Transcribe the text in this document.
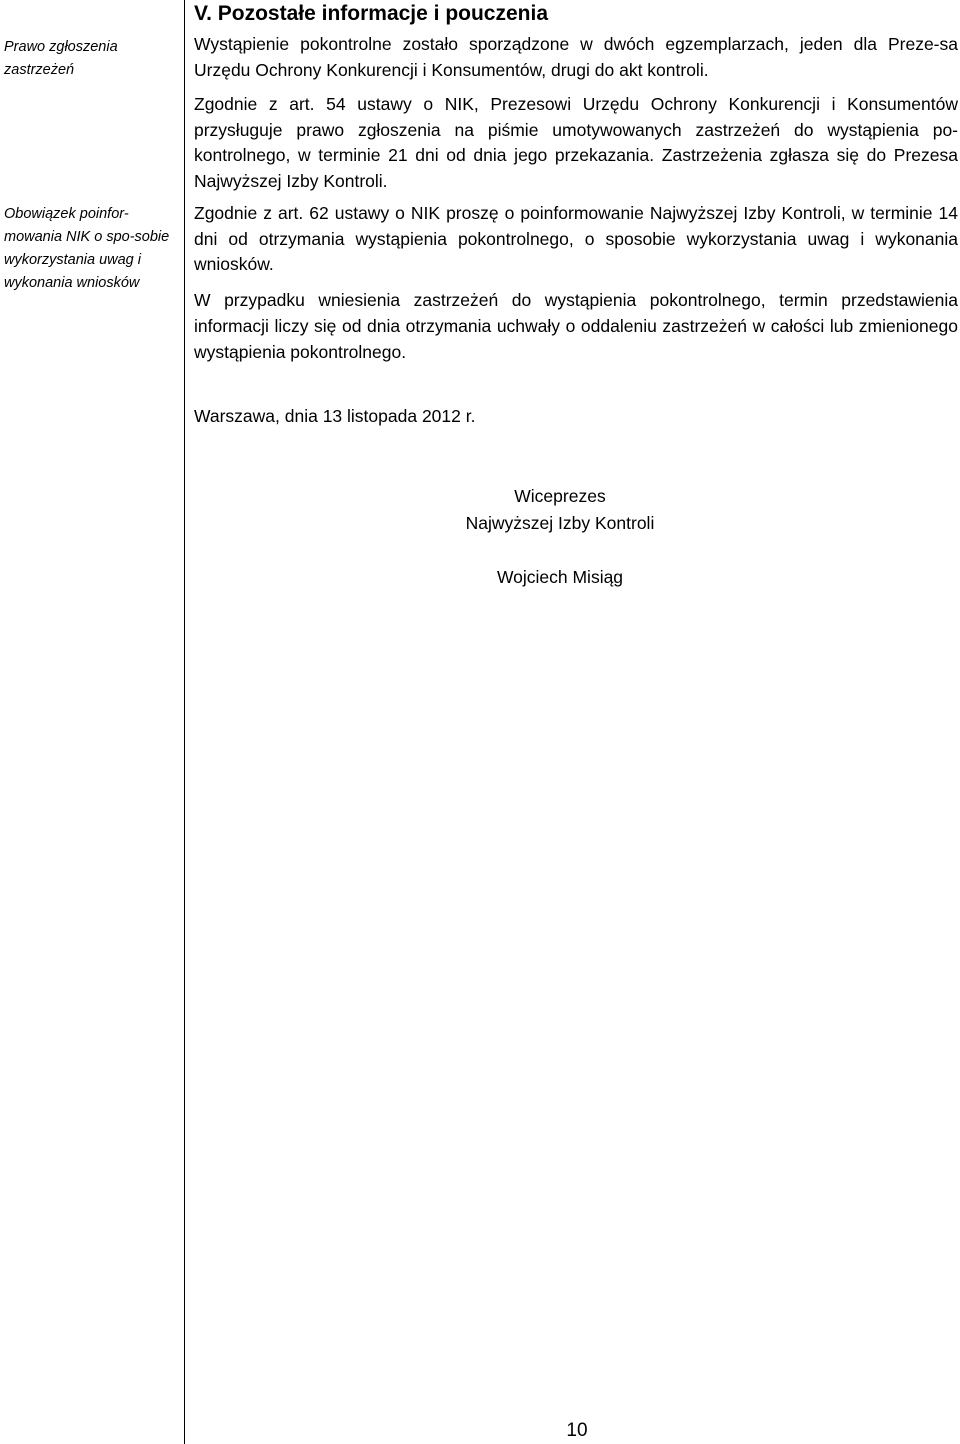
Prawo zgłoszenia zastrzeżeń
Obowiązek poinfor-mowania NIK o spo-sobie wykorzystania uwag i wykonania wniosków
V. Pozostałe informacje i pouczenia

Wystąpienie pokontrolne zostało sporządzone w dwóch egzemplarzach, jeden dla Preze-sa Urzędu Ochrony Konkurencji i Konsumentów, drugi do akt kontroli.

Zgodnie z art. 54 ustawy o NIK, Prezesowi Urzędu Ochrony Konkurencji i Konsumentów przysługuje prawo zgłoszenia na piśmie umotywowanych zastrzeżeń do wystąpienia po-kontrolnego, w terminie 21 dni od dnia jego przekazania. Zastrzeżenia zgłasza się do Prezesa Najwyższej Izby Kontroli.

Zgodnie z art. 62 ustawy o NIK proszę o poinformowanie Najwyższej Izby Kontroli, w terminie 14 dni od otrzymania wystąpienia pokontrolnego, o sposobie wykorzystania uwag i wykonania wniosków.

W przypadku wniesienia zastrzeżeń do wystąpienia pokontrolnego, termin przedstawienia informacji liczy się od dnia otrzymania uchwały o oddaleniu zastrzeżeń w całości lub zmienionego wystąpienia pokontrolnego.

Warszawa, dnia 13 listopada 2012 r.
Wiceprezes
Najwyższej Izby Kontroli
Wojciech Misiąg
10
